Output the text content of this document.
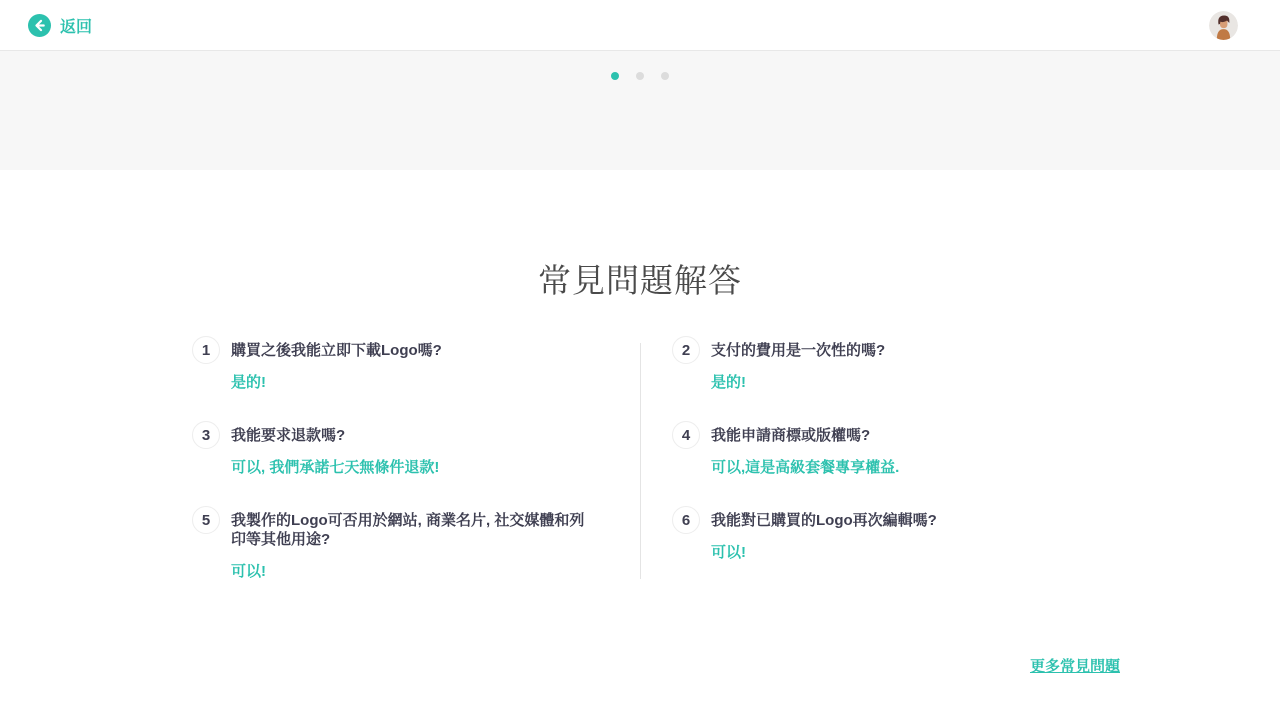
返回
常見問題解答
1	購買之後我能立即下載Logo嗎?
是的!
2	支付的費用是一次性的嗎?
是的!
3	我能要求退款嗎?
可以, 我們承諾七天無條件退款!
4	我能申請商標或版權嗎?
可以,這是高級套餐專享權益.
5	我製作的Logo可否用於網站, 商業名片, 社交媒體和列印等其他用途?
可以!
6	我能對已購買的Logo再次編輯嗎?
可以!
更多常見問題
